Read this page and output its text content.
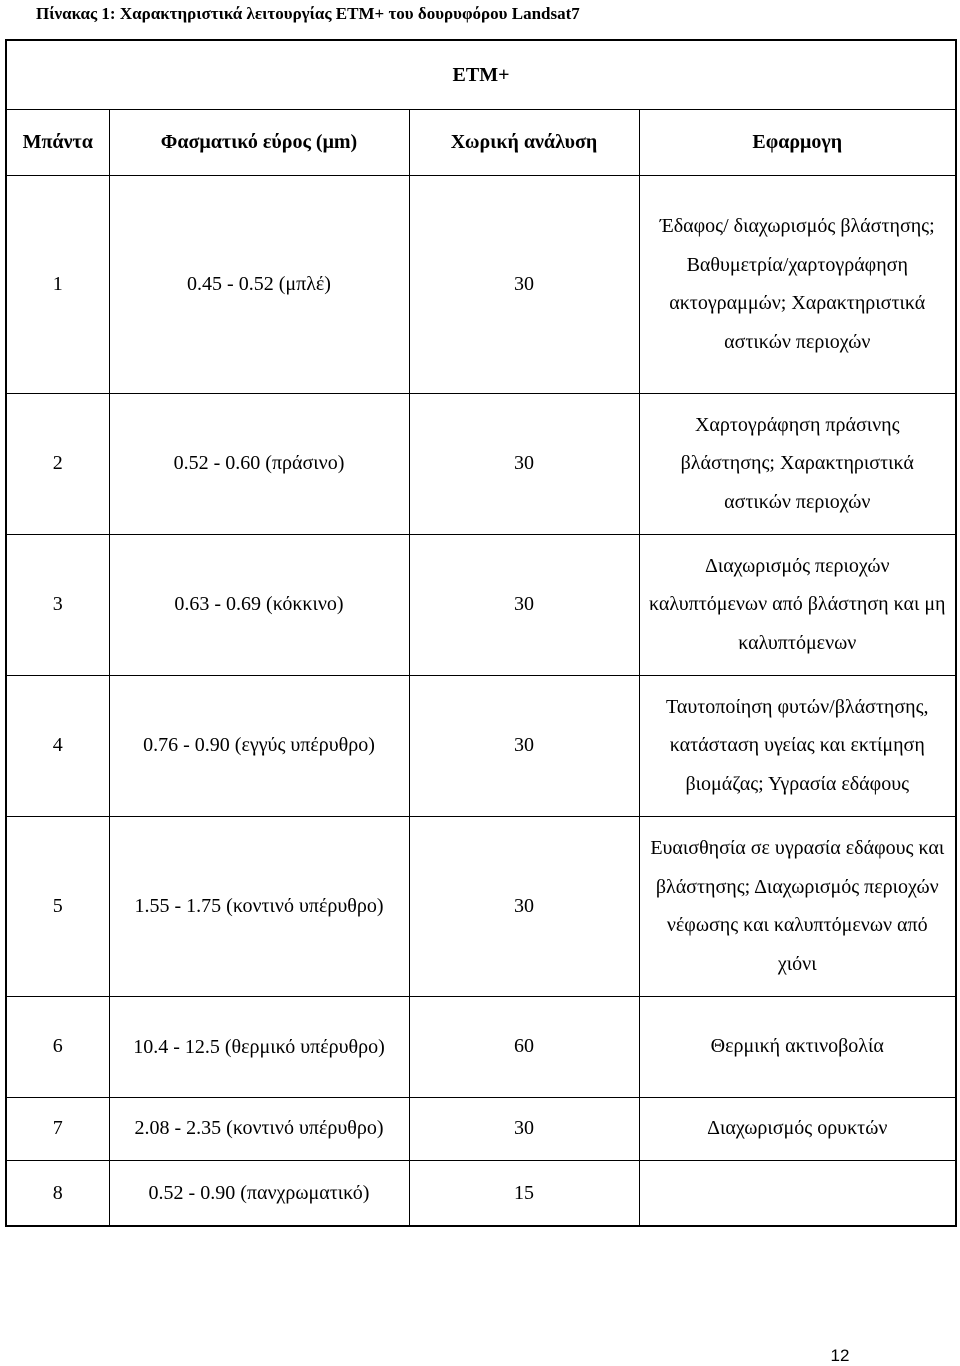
Πίνακας 1: Χαρακτηριστικά λειτουργίας ETM+ του δουρυφόρου Landsat7
ETM+			
Μπάντα	Φασματικό εύρος (μm)	Χωρική ανάλυση	Εφαρμογη
1	0.45 - 0.52 (μπλέ)	30	Έδαφος/ διαχωρισμός βλάστησης; Βαθυμετρία/χαρτογράφηση ακτογραμμών; Χαρακτηριστικά αστικών περιοχών
2	0.52 - 0.60 (πράσινο)	30	Χαρτογράφηση πράσινης βλάστησης; Χαρακτηριστικά αστικών περιοχών
3	0.63 - 0.69 (κόκκινο)	30	Διαχωρισμός περιοχών καλυπτόμενων από βλάστηση και μη καλυπτόμενων
4	0.76 - 0.90 (εγγύς υπέρυθρο)	30	Ταυτοποίηση φυτών/βλάστησης, κατάσταση υγείας και εκτίμηση βιομάζας; Υγρασία εδάφους
5	1.55 - 1.75 (κοντινό υπέρυθρο)	30	Ευαισθησία σε υγρασία εδάφους και βλάστησης; Διαχωρισμός περιοχών νέφωσης και καλυπτόμενων από χιόνι
6	10.4 - 12.5 (θερμικό υπέρυθρο)	60	Θερμική ακτινοβολία
7	2.08 - 2.35 (κοντινό υπέρυθρο)	30	Διαχωρισμός ορυκτών
8	0.52 - 0.90 (πανχρωματικό)	15	
12
